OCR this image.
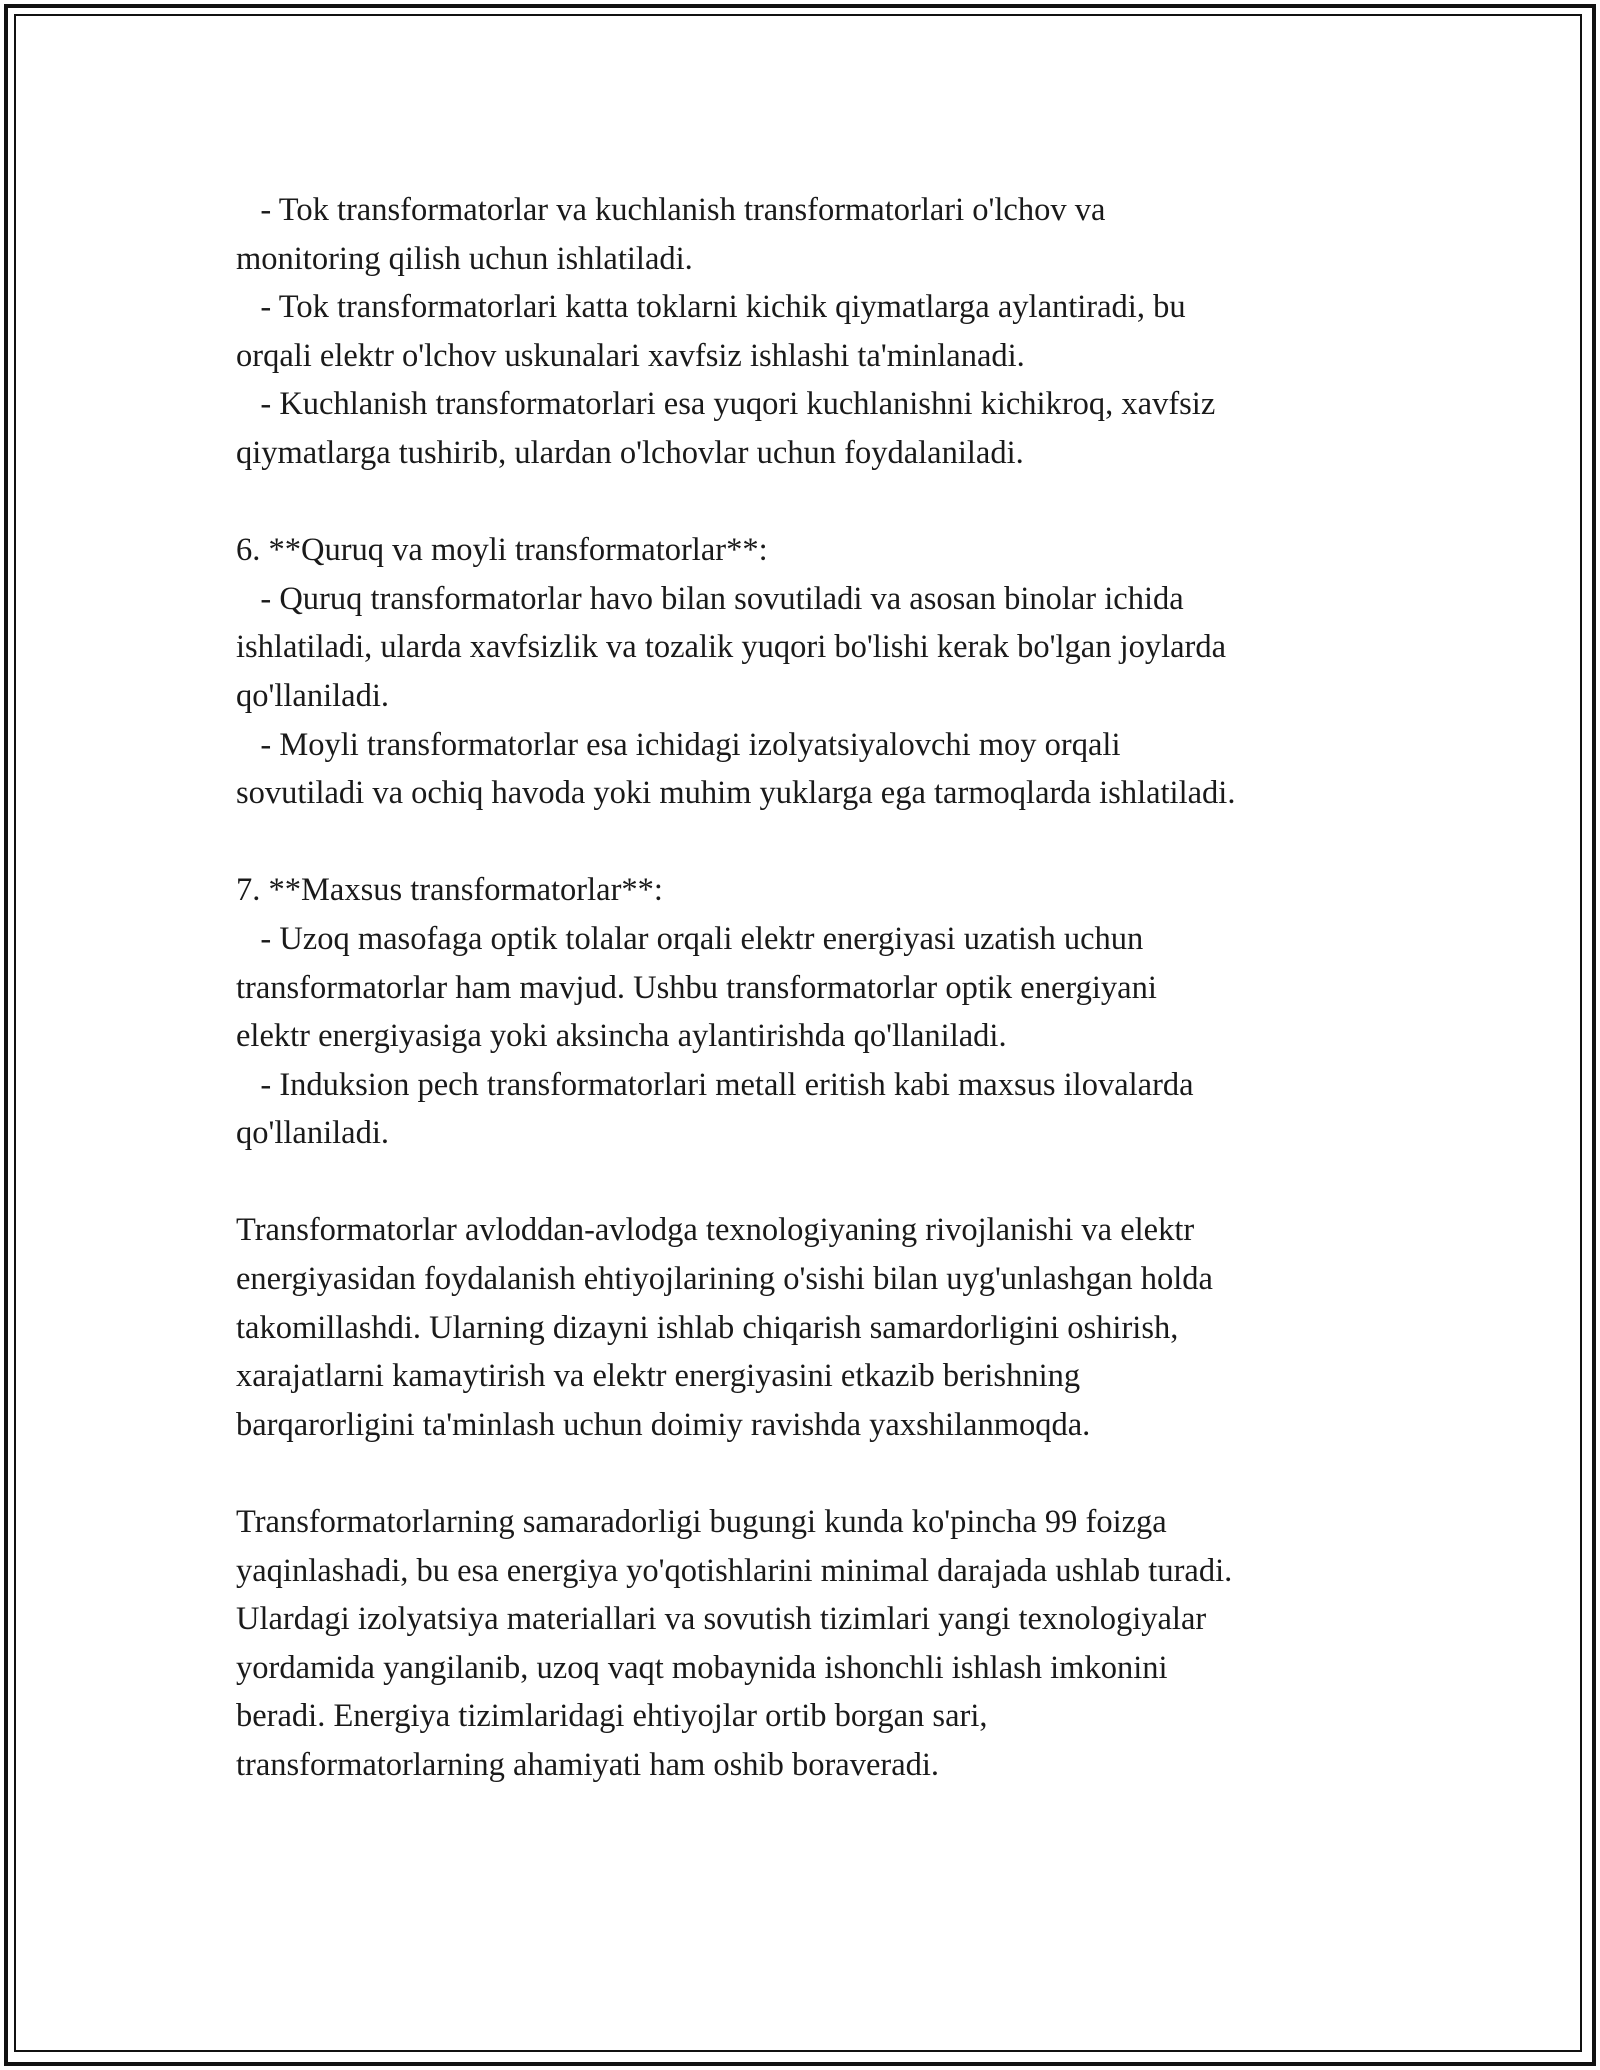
- Tok transformatorlar va kuchlanish transformatorlari o'lchov va
monitoring qilish uchun ishlatiladi.
- Tok transformatorlari katta toklarni kichik qiymatlarga aylantiradi, bu
orqali elektr o'lchov uskunalari xavfsiz ishlashi ta'minlanadi.
- Kuchlanish transformatorlari esa yuqori kuchlanishni kichikroq, xavfsiz
qiymatlarga tushirib, ulardan o'lchovlar uchun foydalaniladi.
6. **Quruq va moyli transformatorlar**:
- Quruq transformatorlar havo bilan sovutiladi va asosan binolar ichida
ishlatiladi, ularda xavfsizlik va tozalik yuqori bo'lishi kerak bo'lgan joylarda
qo'llaniladi.
- Moyli transformatorlar esa ichidagi izolyatsiyalovchi moy orqali
sovutiladi va ochiq havoda yoki muhim yuklarga ega tarmoqlarda ishlatiladi.
7. **Maxsus transformatorlar**:
- Uzoq masofaga optik tolalar orqali elektr energiyasi uzatish uchun
transformatorlar ham mavjud. Ushbu transformatorlar optik energiyani
elektr energiyasiga yoki aksincha aylantirishda qo'llaniladi.
- Induksion pech transformatorlari metall eritish kabi maxsus ilovalarda
qo'llaniladi.
Transformatorlar avloddan-avlodga texnologiyaning rivojlanishi va elektr
energiyasidan foydalanish ehtiyojlarining o'sishi bilan uyg'unlashgan holda
takomillashdi. Ularning dizayni ishlab chiqarish samardorligini oshirish,
xarajatlarni kamaytirish va elektr energiyasini etkazib berishning
barqarorligini ta'minlash uchun doimiy ravishda yaxshilanmoqda.
Transformatorlarning samaradorligi bugungi kunda ko'pincha 99 foizga
yaqinlashadi, bu esa energiya yo'qotishlarini minimal darajada ushlab turadi.
Ulardagi izolyatsiya materiallari va sovutish tizimlari yangi texnologiyalar
yordamida yangilanib, uzoq vaqt mobaynida ishonchli ishlash imkonini
beradi. Energiya tizimlaridagi ehtiyojlar ortib borgan sari,
transformatorlarning ahamiyati ham oshib boraveradi.
